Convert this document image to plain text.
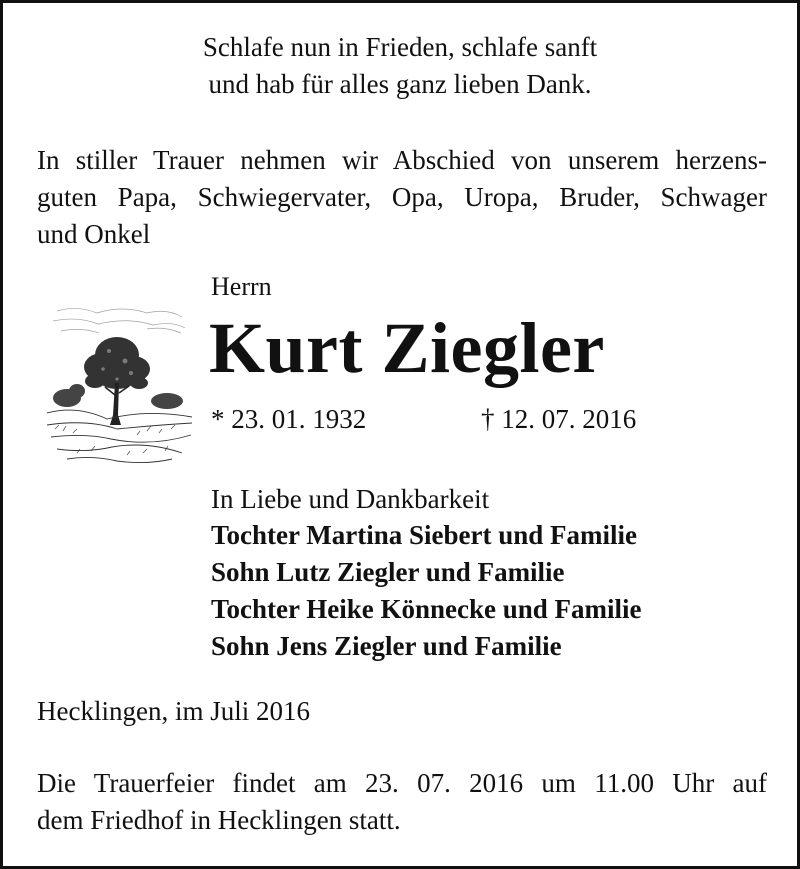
Schlafe nun in Frieden, schlafe sanft
und hab für alles ganz lieben Dank.
In stiller Trauer nehmen wir Abschied von unserem herzens-
guten Papa, Schwiegervater, Opa, Uropa, Bruder, Schwager
und Onkel
Herrn
Kurt Ziegler
* 23. 01. 1932	† 12. 07. 2016
In Liebe und Dankbarkeit
Tochter Martina Siebert und Familie
Sohn Lutz Ziegler und Familie
Tochter Heike Könnecke und Familie
Sohn Jens Ziegler und Familie
Hecklingen, im Juli 2016
Die Trauerfeier findet am 23. 07. 2016 um 11.00 Uhr auf
dem Friedhof in Hecklingen statt.
